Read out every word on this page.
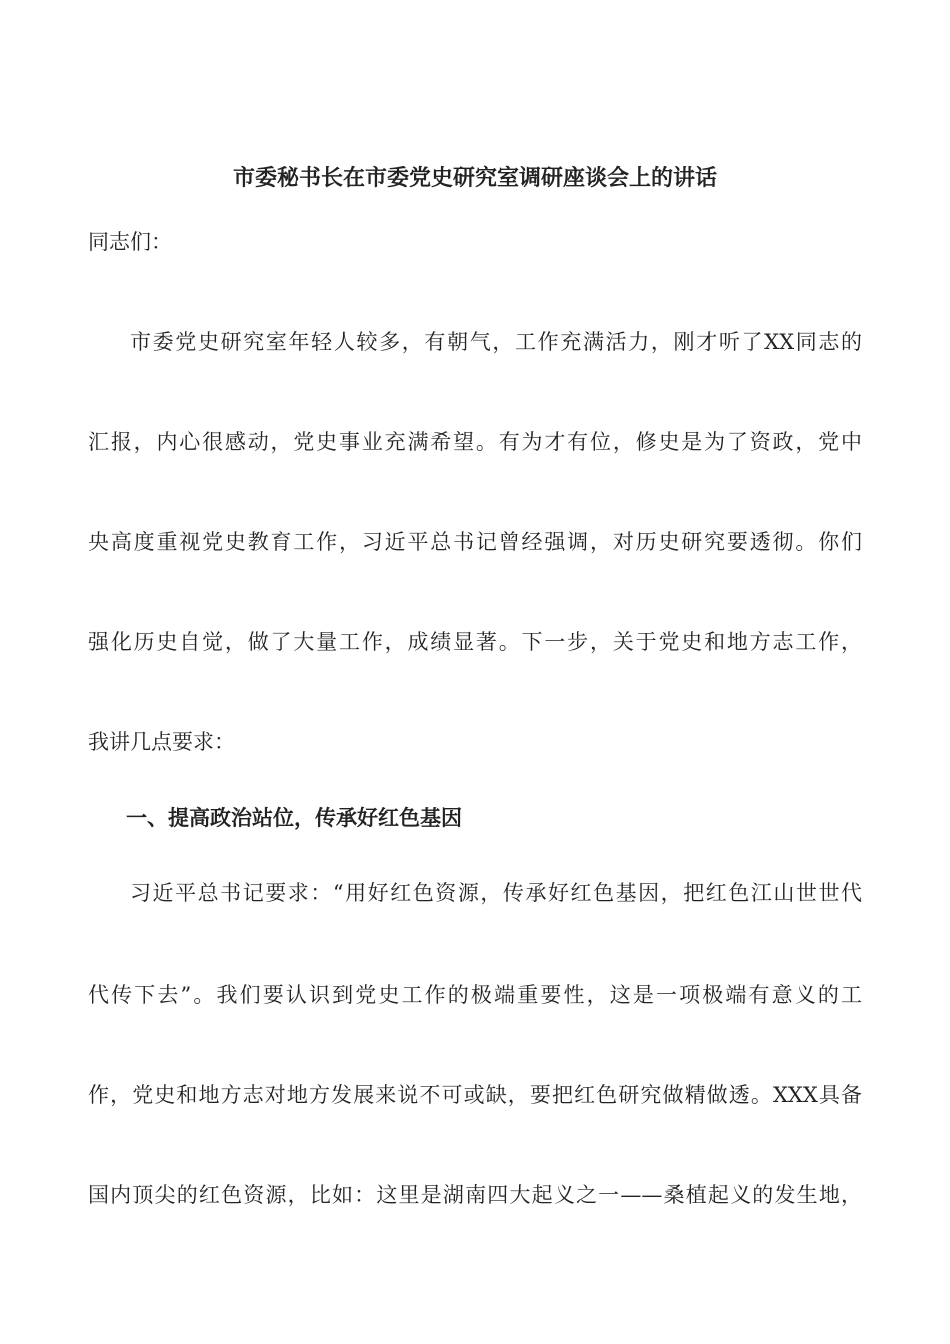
市委秘书长在市委党史研究室调研座谈会上的讲话
同志们：
市委党史研究室年轻人较多，有朝气，工作充满活力，刚才听了XX同志的
汇报，内心很感动，党史事业充满希望。有为才有位，修史是为了资政，党中
央高度重视党史教育工作，习近平总书记曾经强调，对历史研究要透彻。你们
强化历史自觉，做了大量工作，成绩显著。下一步，关于党史和地方志工作，
我讲几点要求：
一、提高政治站位，传承好红色基因
习近平总书记要求：“用好红色资源，传承好红色基因，把红色江山世世代
代传下去”。我们要认识到党史工作的极端重要性，这是一项极端有意义的工
作，党史和地方志对地方发展来说不可或缺，要把红色研究做精做透。XXX具备
国内顶尖的红色资源，比如：这里是湖南四大起义之一——桑植起义的发生地，
